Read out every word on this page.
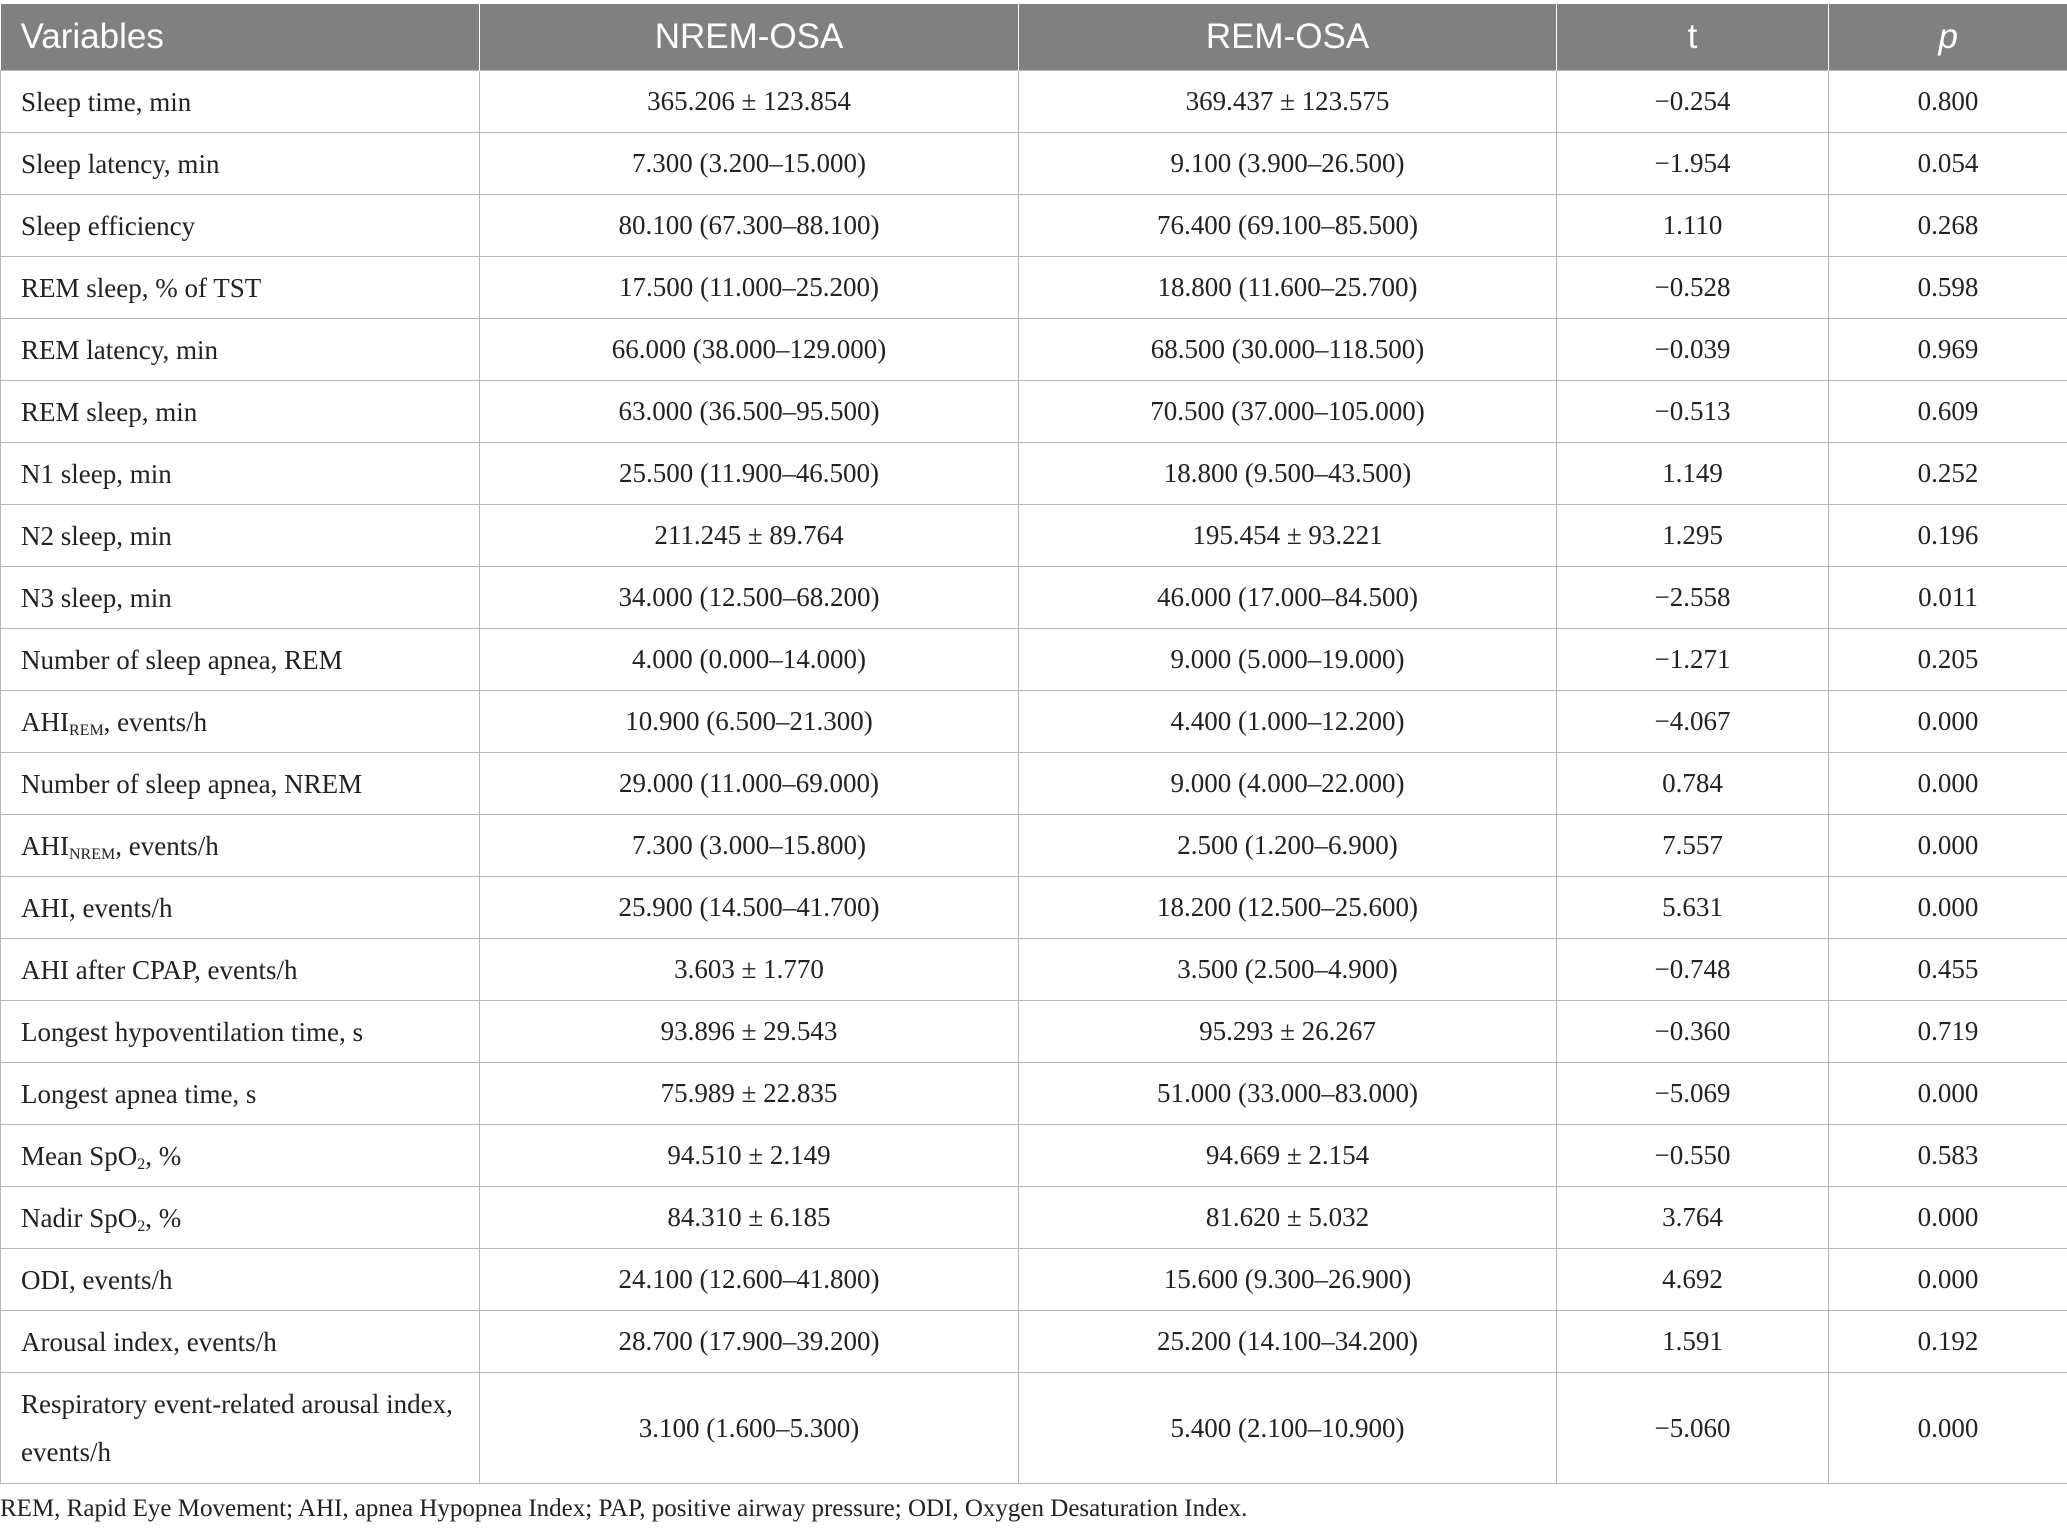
Variables	NREM-OSA	REM-OSA	t	p
Sleep time, min	365.206 ± 123.854	369.437 ± 123.575	−0.254	0.800
Sleep latency, min	7.300 (3.200–15.000)	9.100 (3.900–26.500)	−1.954	0.054
Sleep efficiency	80.100 (67.300–88.100)	76.400 (69.100–85.500)	1.110	0.268
REM sleep, % of TST	17.500 (11.000–25.200)	18.800 (11.600–25.700)	−0.528	0.598
REM latency, min	66.000 (38.000–129.000)	68.500 (30.000–118.500)	−0.039	0.969
REM sleep, min	63.000 (36.500–95.500)	70.500 (37.000–105.000)	−0.513	0.609
N1 sleep, min	25.500 (11.900–46.500)	18.800 (9.500–43.500)	1.149	0.252
N2 sleep, min	211.245 ± 89.764	195.454 ± 93.221	1.295	0.196
N3 sleep, min	34.000 (12.500–68.200)	46.000 (17.000–84.500)	−2.558	0.011
Number of sleep apnea, REM	4.000 (0.000–14.000)	9.000 (5.000–19.000)	−1.271	0.205
$AHI_{REM}$, events/h	10.900 (6.500–21.300)	4.400 (1.000–12.200)	−4.067	0.000
Number of sleep apnea, NREM	29.000 (11.000–69.000)	9.000 (4.000–22.000)	0.784	0.000
$AHI_{NREM}$, events/h	7.300 (3.000–15.800)	2.500 (1.200–6.900)	7.557	0.000
AHI, events/h	25.900 (14.500–41.700)	18.200 (12.500–25.600)	5.631	0.000
AHI after CPAP, events/h	3.603 ± 1.770	3.500 (2.500–4.900)	−0.748	0.455
Longest hypoventilation time, s	93.896 ± 29.543	95.293 ± 26.267	−0.360	0.719
Longest apnea time, s	75.989 ± 22.835	51.000 (33.000–83.000)	−5.069	0.000
Mean SpO$_2$, %	94.510 ± 2.149	94.669 ± 2.154	−0.550	0.583
Nadir SpO$_2$, %	84.310 ± 6.185	81.620 ± 5.032	3.764	0.000
ODI, events/h	24.100 (12.600–41.800)	15.600 (9.300–26.900)	4.692	0.000
Arousal index, events/h	28.700 (17.900–39.200)	25.200 (14.100–34.200)	1.591	0.192
Respiratory event-related arousal index, events/h	3.100 (1.600–5.300)	5.400 (2.100–10.900)	−5.060	0.000
REM, Rapid Eye Movement; AHI, apnea Hypopnea Index; PAP, positive airway pressure; ODI, Oxygen Desaturation Index.
